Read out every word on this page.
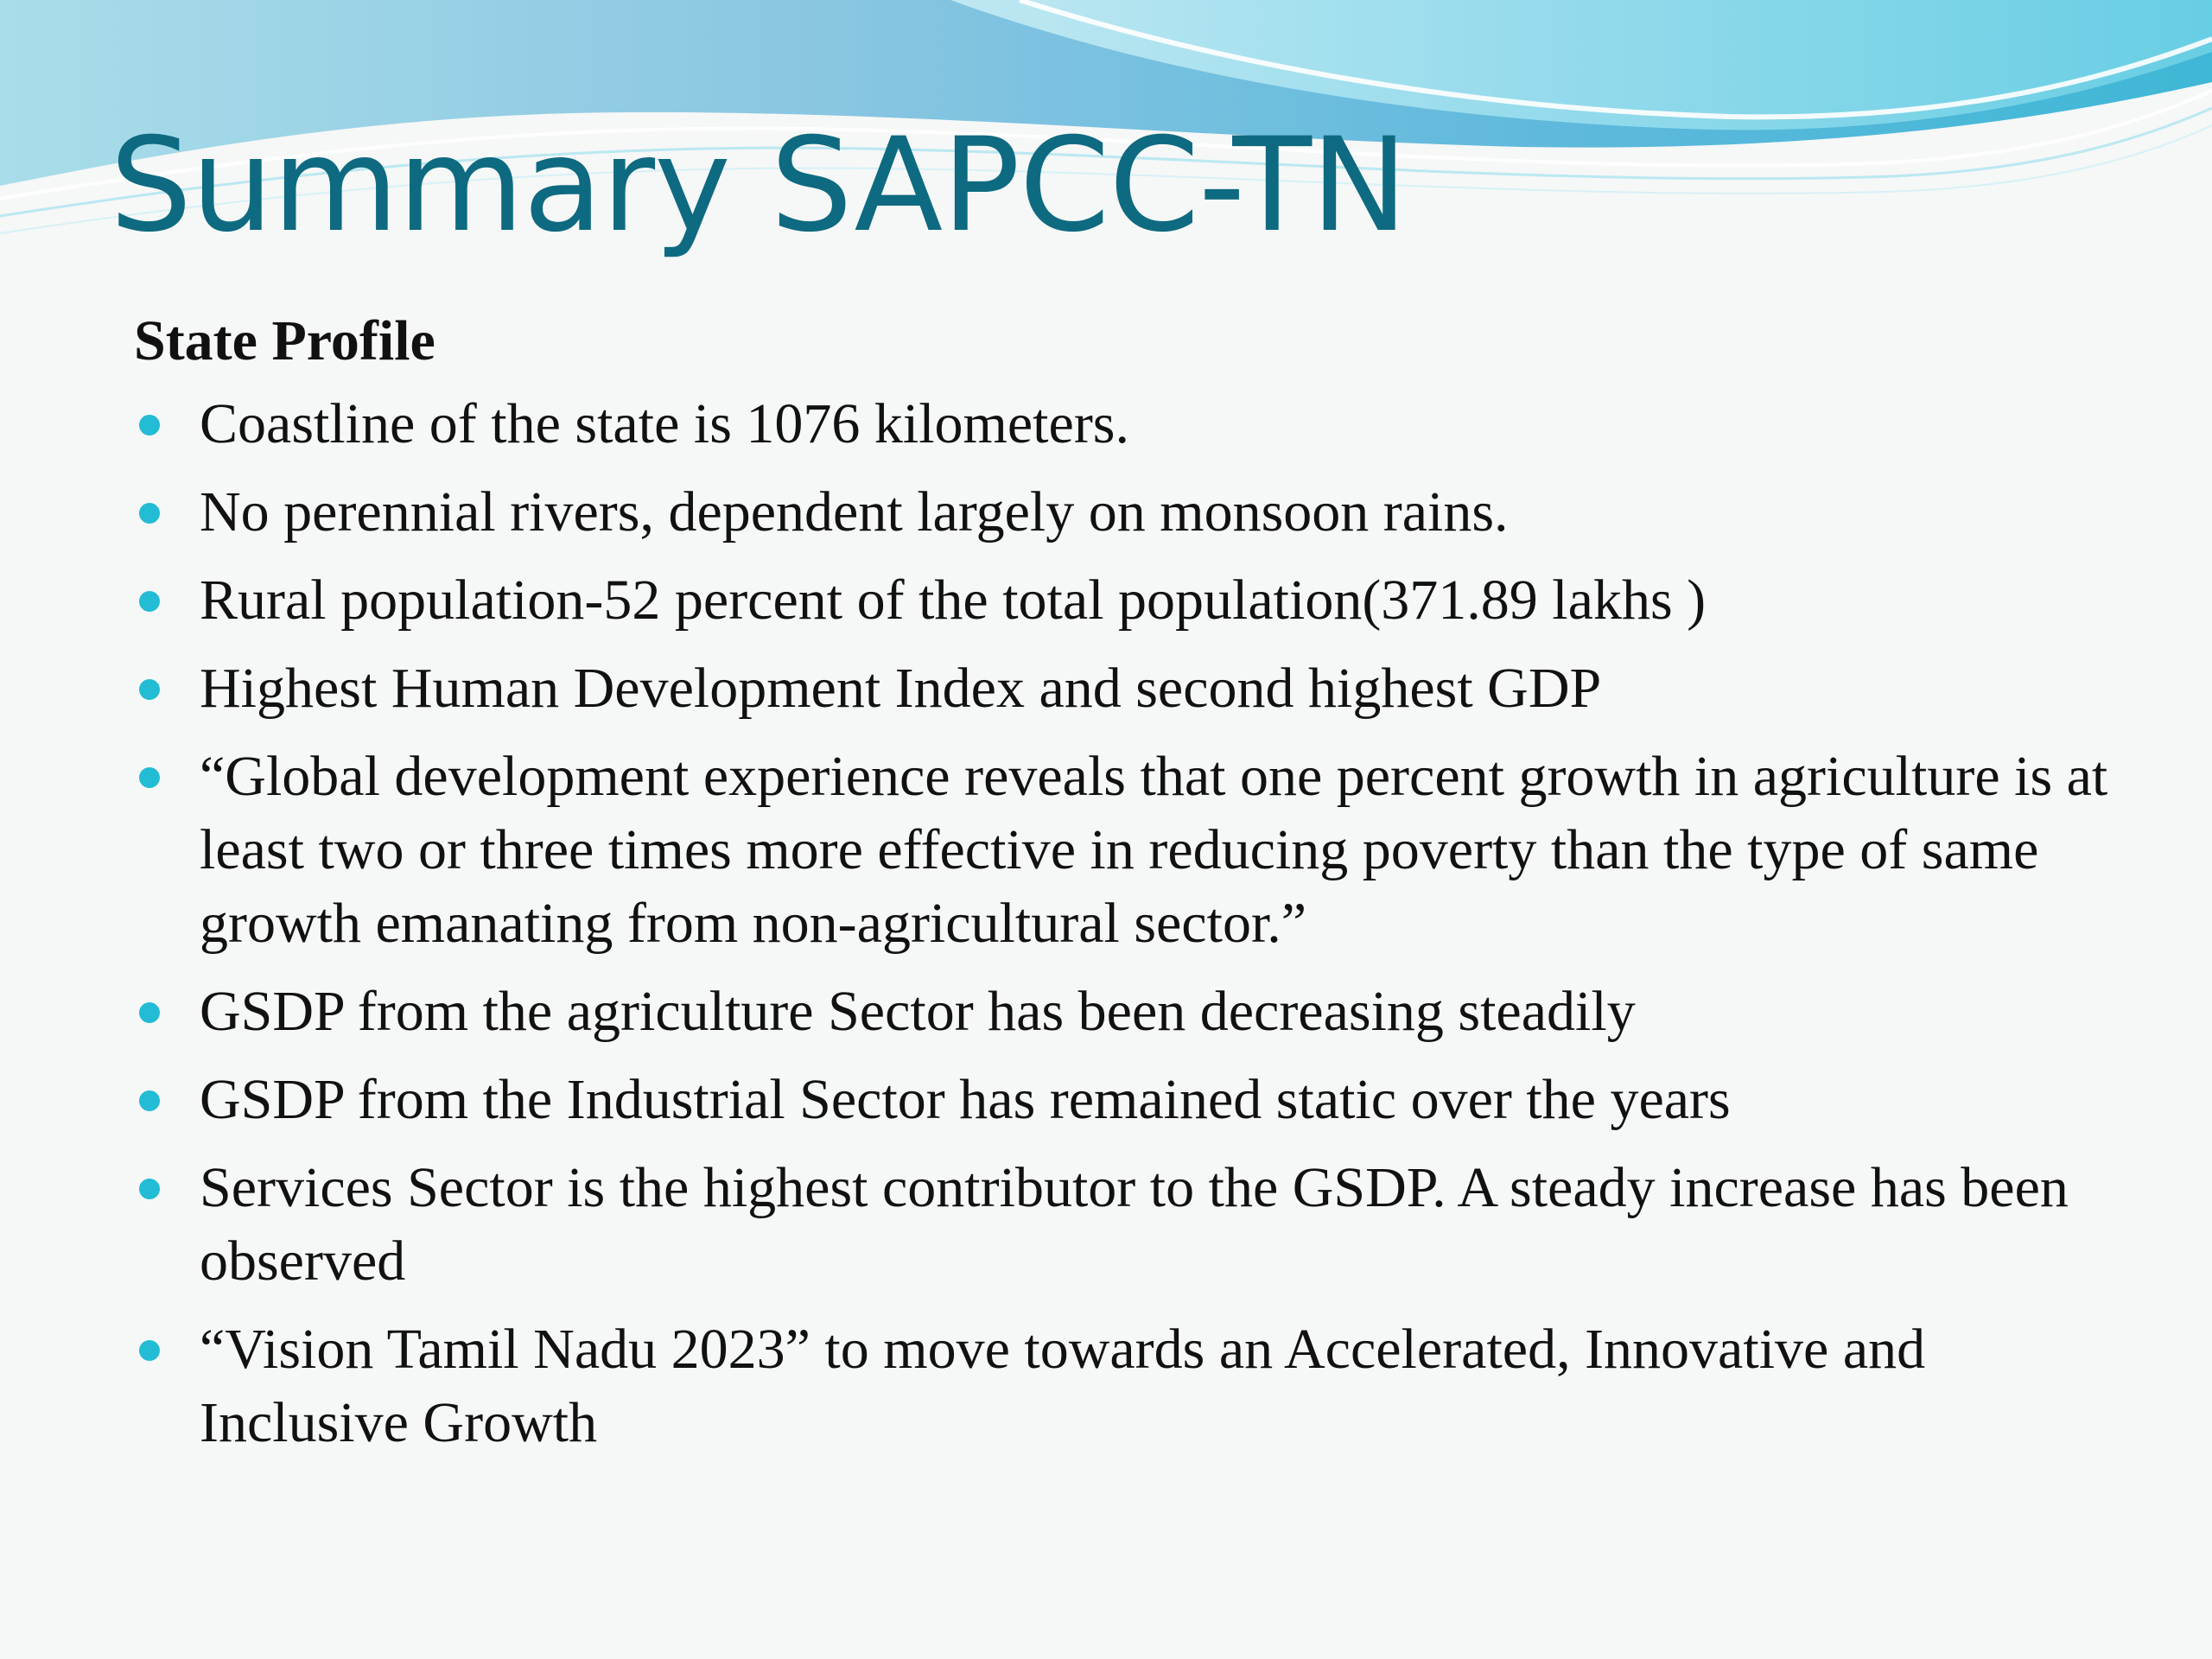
Summary SAPCC-TN
State Profile
Coastline of the state is 1076 kilometers.
No perennial rivers, dependent largely on monsoon rains.
Rural population-52 percent of the total population(371.89 lakhs )
Highest Human Development Index and second highest GDP
“Global development experience reveals that one percent growth in agriculture is at least two or three times more effective in reducing poverty than the type of same growth emanating from non-agricultural sector.”
GSDP from the agriculture Sector has been decreasing steadily
GSDP from the Industrial Sector has remained static over the years
Services Sector is the highest contributor to the GSDP. A steady increase has been observed
“Vision Tamil Nadu 2023” to move towards an Accelerated, Innovative and Inclusive Growth
